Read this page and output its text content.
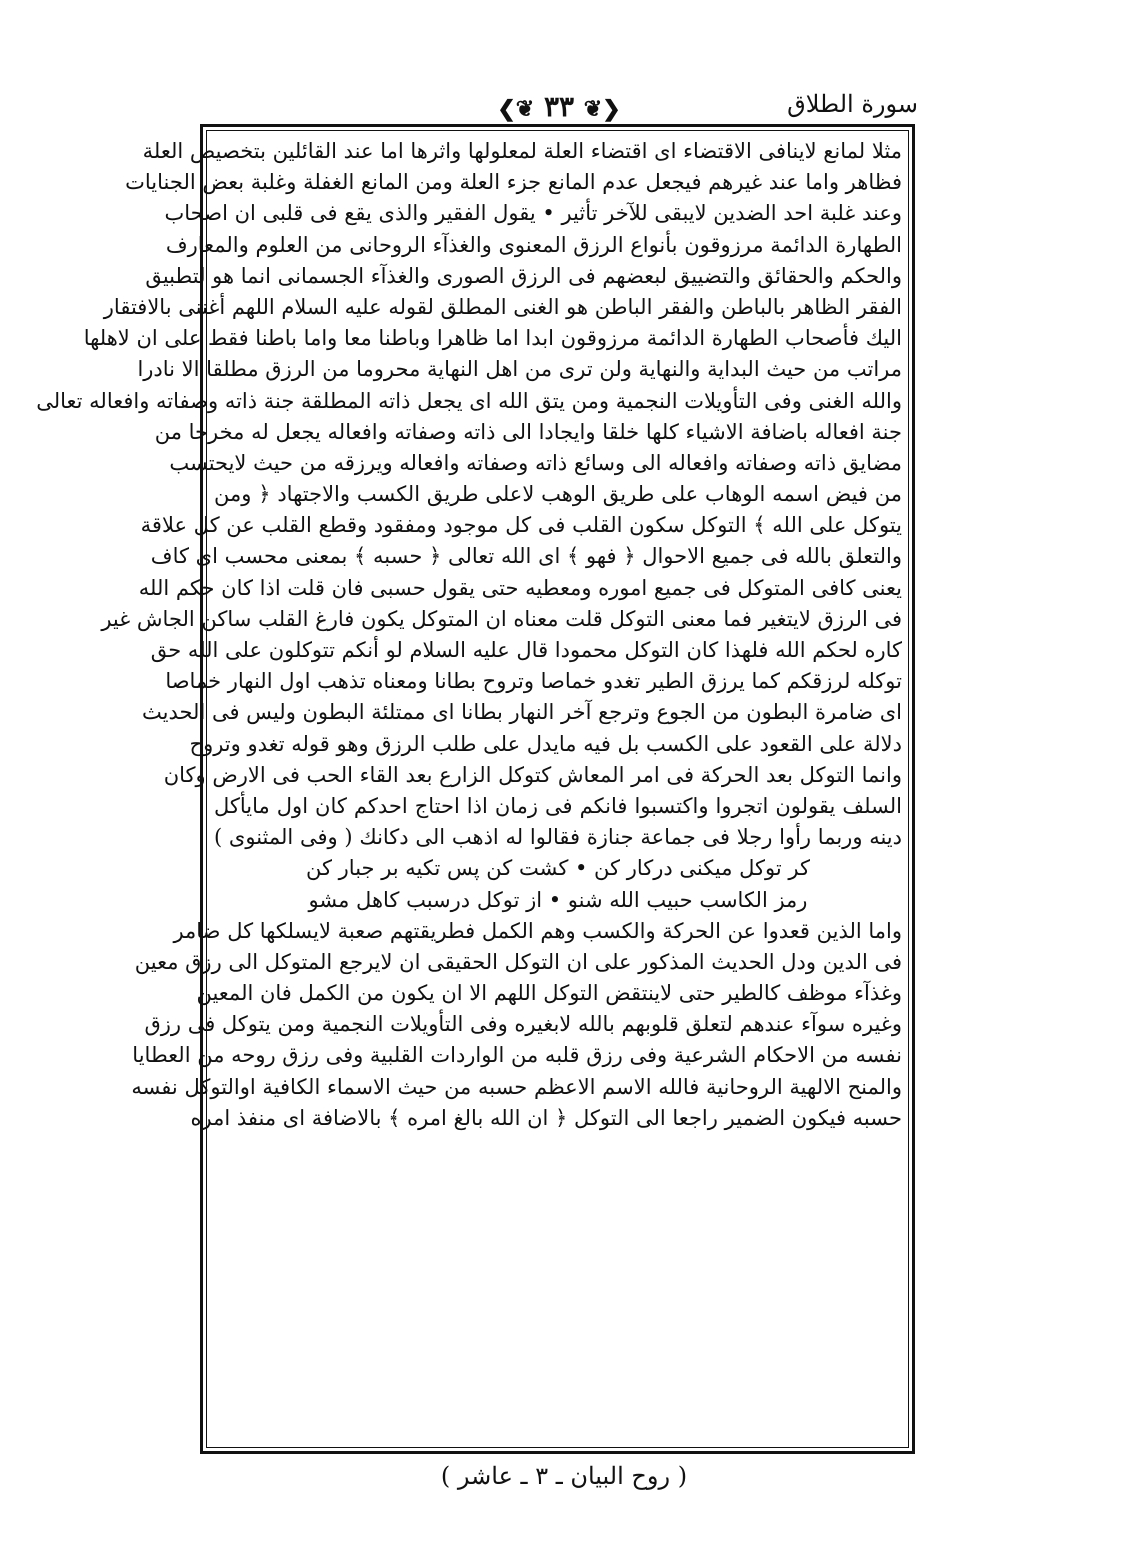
سورة الطلاق
❮❦ ۳۳ ❦❯
مثلا لمانع لاينافى الاقتضاء اى اقتضاء العلة لمعلولها واثرها اما عند القائلين بتخصيص العلة
فظاهر واما عند غيرهم فيجعل عدم المانع جزء العلة ومن المانع الغفلة وغلبة بعض الجنايات
وعند غلبة احد الضدين لايبقى للآخر تأثير • يقول الفقير والذى يقع فى قلبى ان اصحاب
الطهارة الدائمة مرزوقون بأنواع الرزق المعنوى والغذآء الروحانى من العلوم والمعارف
والحكم والحقائق والتضييق لبعضهم فى الرزق الصورى والغذآء الجسمانى انما هو لتطبيق
الفقر الظاهر بالباطن والفقر الباطن هو الغنى المطلق لقوله عليه السلام اللهم أغننى بالافتقار
اليك فأصحاب الطهارة الدائمة مرزوقون ابدا اما ظاهرا وباطنا معا واما باطنا فقط على ان لاهلها
مراتب من حيث البداية والنهاية ولن ترى من اهل النهاية محروما من الرزق مطلقا الا نادرا
والله الغنى وفى التأويلات النجمية ومن يتق الله اى يجعل ذاته المطلقة جنة ذاته وصفاته وافعاله تعالى
جنة افعاله باضافة الاشياء كلها خلقا وايجادا الى ذاته وصفاته وافعاله يجعل له مخرجا من
مضايق ذاته وصفاته وافعاله الى وسائع ذاته وصفاته وافعاله ويرزقه من حيث لايحتسب
من فيض اسمه الوهاب على طريق الوهب لاعلى طريق الكسب والاجتهاد ﴿ ومن
يتوكل على الله ﴾ التوكل سكون القلب فى كل موجود ومفقود وقطع القلب عن كل علاقة
والتعلق بالله فى جميع الاحوال ﴿ فهو ﴾ اى الله تعالى ﴿ حسبه ﴾ بمعنى محسب اى كاف
يعنى كافى المتوكل فى جميع اموره ومعطيه حتى يقول حسبى فان قلت اذا كان حكم الله
فى الرزق لايتغير فما معنى التوكل قلت معناه ان المتوكل يكون فارغ القلب ساكن الجاش غير
كاره لحكم الله فلهذا كان التوكل محمودا قال عليه السلام لو أنكم تتوكلون على الله حق
توكله لرزقكم كما يرزق الطير تغدو خماصا وتروح بطانا ومعناه تذهب اول النهار خماصا
اى ضامرة البطون من الجوع وترجع آخر النهار بطانا اى ممتلئة البطون وليس فى الحديث
دلالة على القعود على الكسب بل فيه مايدل على طلب الرزق وهو قوله تغدو وتروح
وانما التوكل بعد الحركة فى امر المعاش كتوكل الزارع بعد القاء الحب فى الارض وكان
السلف يقولون اتجروا واكتسبوا فانكم فى زمان اذا احتاج احدكم كان اول مايأكل
دينه وربما رأوا رجلا فى جماعة جنازة فقالوا له اذهب الى دكانك ( وفى المثنوى )
كر توكل ميكنى دركار كن • كشت كن پس تكيه بر جبار كن
رمز الكاسب حبيب الله شنو • از توكل درسبب كاهل مشو
واما الذين قعدوا عن الحركة والكسب وهم الكمل فطريقتهم صعبة لايسلكها كل ضامر
فى الدين ودل الحديث المذكور على ان التوكل الحقيقى ان لايرجع المتوكل الى رزق معين
وغذآء موظف كالطير حتى لاينتقض التوكل اللهم الا ان يكون من الكمل فان المعين
وغيره سوآء عندهم لتعلق قلوبهم بالله لابغيره وفى التأويلات النجمية ومن يتوكل فى رزق
نفسه من الاحكام الشرعية وفى رزق قلبه من الواردات القلبية وفى رزق روحه من العطايا
والمنح الالهية الروحانية فالله الاسم الاعظم حسبه من حيث الاسماء الكافية اوالتوكل نفسه
حسبه فيكون الضمير راجعا الى التوكل ﴿ ان الله بالغ امره ﴾ بالاضافة اى منفذ امره
( روح البيان ـ ۳ ـ عاشر )
